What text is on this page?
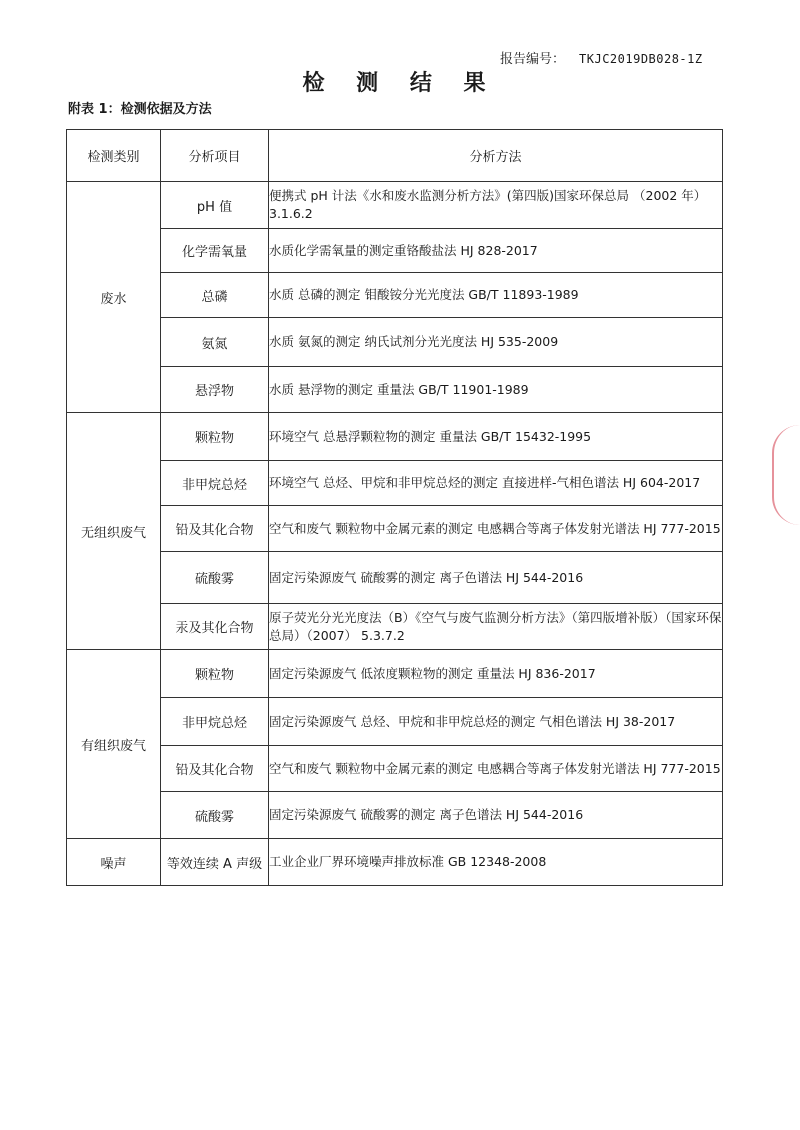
报告编号： TKJC2019DB028-1Z
检 测 结 果
附表 1：检测依据及方法
检测类别	分析项目	分析方法
废水	pH 值	便携式 pH 计法《水和废水监测分析方法》(第四版)国家环保总局 （2002 年）3.1.6.2
	化学需氧量	水质化学需氧量的测定重铬酸盐法 HJ 828-2017
	总磷	水质 总磷的测定 钼酸铵分光光度法 GB/T 11893-1989
	氨氮	水质 氨氮的测定 纳氏试剂分光光度法 HJ 535-2009
	悬浮物	水质 悬浮物的测定 重量法 GB/T 11901-1989
无组织废气	颗粒物	环境空气 总悬浮颗粒物的测定 重量法 GB/T 15432-1995
	非甲烷总烃	环境空气 总烃、甲烷和非甲烷总烃的测定 直接进样-气相色谱法 HJ 604-2017
	铅及其化合物	空气和废气 颗粒物中金属元素的测定 电感耦合等离子体发射光谱法 HJ 777-2015
	硫酸雾	固定污染源废气 硫酸雾的测定 离子色谱法 HJ 544-2016
	汞及其化合物	原子荧光分光光度法（B）《空气与废气监测分析方法》（第四版增补版）（国家环保总局）（2007） 5.3.7.2
有组织废气	颗粒物	固定污染源废气 低浓度颗粒物的测定 重量法 HJ 836-2017
	非甲烷总烃	固定污染源废气 总烃、甲烷和非甲烷总烃的测定 气相色谱法 HJ 38-2017
	铅及其化合物	空气和废气 颗粒物中金属元素的测定 电感耦合等离子体发射光谱法 HJ 777-2015
	硫酸雾	固定污染源废气 硫酸雾的测定 离子色谱法 HJ 544-2016
噪声	等效连续 A 声级	工业企业厂界环境噪声排放标准 GB 12348-2008
